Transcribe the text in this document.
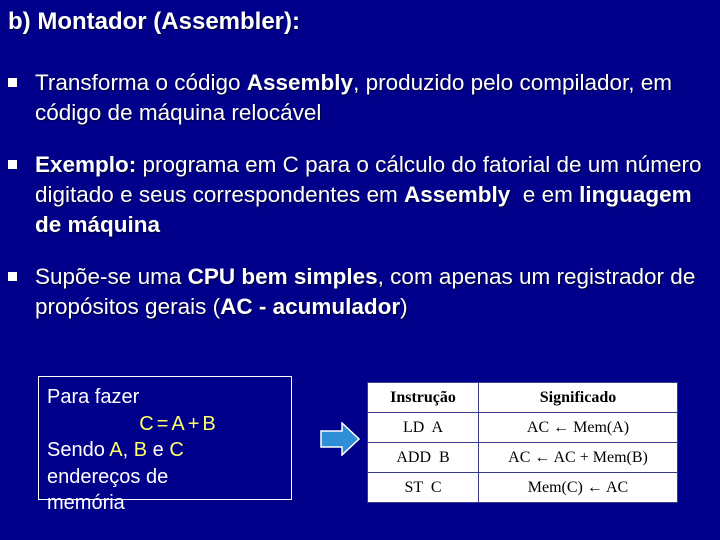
b) Montador (Assembler):
Transforma o código Assembly, produzido pelo compilador, em código de máquina relocável
Exemplo: programa em C para o cálculo do fatorial de um número digitado e seus correspondentes em Assembly  e em linguagem de máquina
Supõe-se uma CPU bem simples, com apenas um registrador de propósitos gerais (AC - acumulador)
Para fazer
C=A+B
Sendo A, B e C
endereços de
memória
Instrução	Significado
LD  A	AC ← Mem(A)
ADD  B	AC ← AC + Mem(B)
ST  C	Mem(C) ← AC
